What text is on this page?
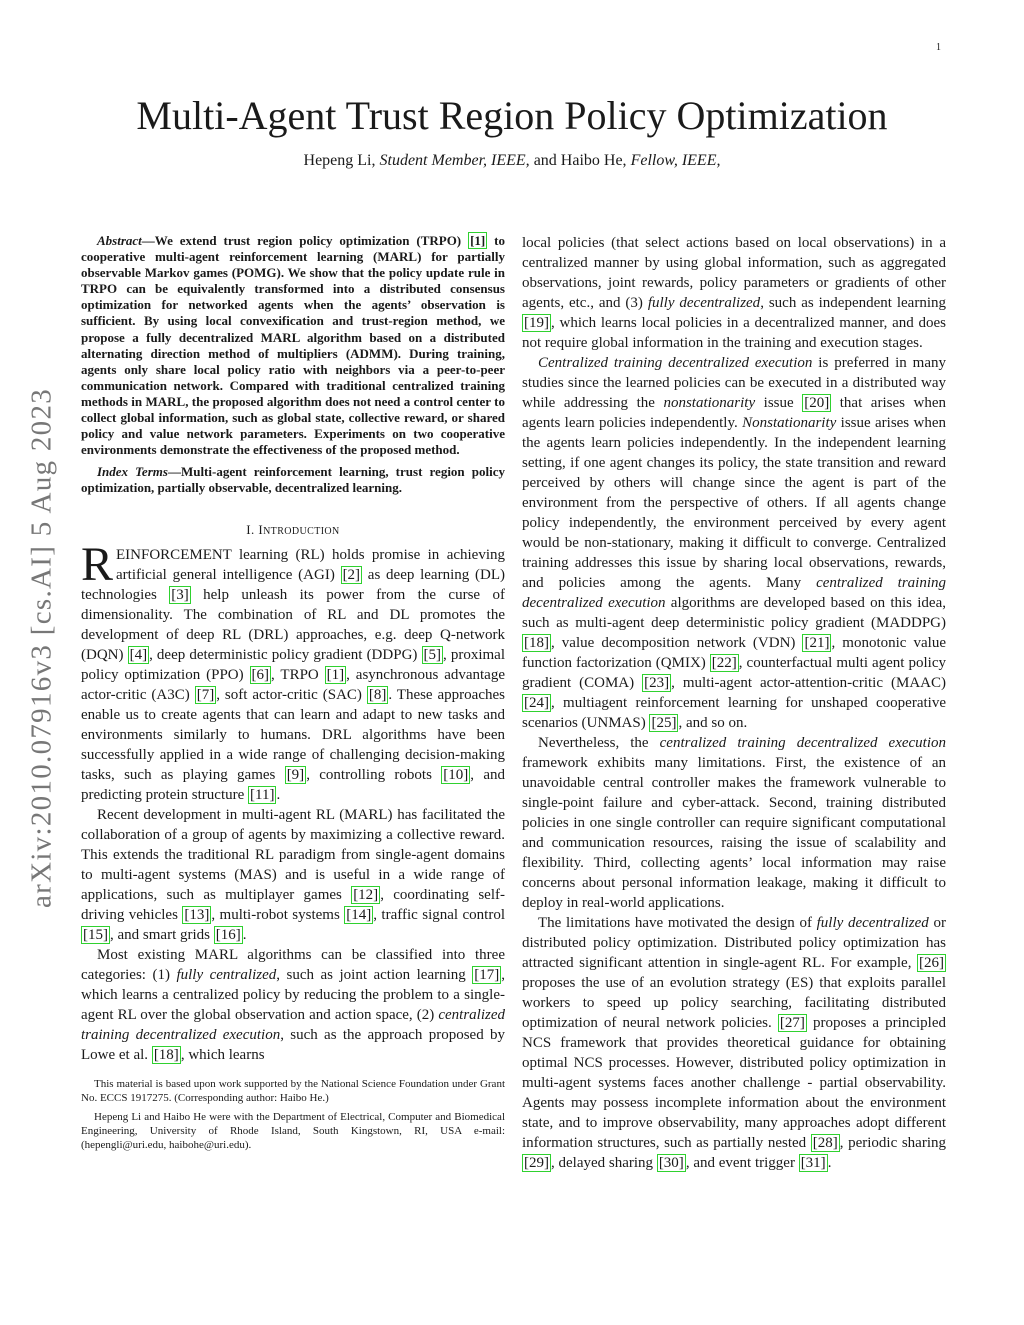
1
arXiv:2010.07916v3 [cs.AI] 5 Aug 2023
Multi-Agent Trust Region Policy Optimization
Hepeng Li, Student Member, IEEE, and Haibo He, Fellow, IEEE,

Abstract—We extend trust region policy optimization (TRPO) [1] to cooperative multi-agent reinforcement learning (MARL) for partially observable Markov games (POMG). We show that the policy update rule in TRPO can be equivalently transformed into a distributed consensus optimization for networked agents when the agents’ observation is sufficient. By using local convexification and trust-region method, we propose a fully decentralized MARL algorithm based on a distributed alternating direction method of multipliers (ADMM). During training, agents only share local policy ratio with neighbors via a peer-to-peer communication network. Compared with traditional centralized training methods in MARL, the proposed algorithm does not need a control center to collect global information, such as global state, collective reward, or shared policy and value network parameters. Experiments on two cooperative environments demonstrate the effectiveness of the proposed method.

Index Terms—Multi-agent reinforcement learning, trust region policy optimization, partially observable, decentralized learning.

I. INTRODUCTION

REINFORCEMENT learning (RL) holds promise in achieving artificial general intelligence (AGI) [2] as deep learning (DL) technologies [3] help unleash its power from the curse of dimensionality. The combination of RL and DL promotes the development of deep RL (DRL) approaches, e.g. deep Q-network (DQN) [4] , deep deterministic policy gradient (DDPG) [5] , proximal policy optimization (PPO) [6] , TRPO [1] , asynchronous advantage actor-critic (A3C) [7] , soft actor-critic (SAC) [8] . These approaches enable us to create agents that can learn and adapt to new tasks and environments similarly to humans. DRL algorithms have been successfully applied in a wide range of challenging decision-making tasks, such as playing games [9] , controlling robots [10] , and predicting protein structure [11] .

Recent development in multi-agent RL (MARL) has facilitated the collaboration of a group of agents by maximizing a collective reward. This extends the traditional RL paradigm from single-agent domains to multi-agent systems (MAS) and is useful in a wide range of applications, such as multiplayer games [12] , coordinating self-driving vehicles [13] , multi-robot systems [14] , traffic signal control [15] , and smart grids [16] .

Most existing MARL algorithms can be classified into three categories: (1) fully centralized, such as joint action learning [17] , which learns a centralized policy by reducing the problem to a single-agent RL over the global observation and action space, (2) centralized training decentralized execution, such as the approach proposed by Lowe et al. [18] , which learns

This material is based upon work supported by the National Science Foundation under Grant No. ECCS 1917275. (Corresponding author: Haibo He.)

Hepeng Li and Haibo He were with the Department of Electrical, Computer and Biomedical Engineering, University of Rhode Island, South Kingstown, RI, USA e-mail: (hepengli@uri.edu, haibohe@uri.edu).

local policies (that select actions based on local observations) in a centralized manner by using global information, such as aggregated observations, joint rewards, policy parameters or gradients of other agents, etc., and (3) fully decentralized, such as independent learning [19] , which learns local policies in a decentralized manner, and does not require global information in the training and execution stages.

Centralized training decentralized execution is preferred in many studies since the learned policies can be executed in a distributed way while addressing the nonstationarity issue [20] that arises when agents learn policies independently. Nonstationarity issue arises when the agents learn policies independently. In the independent learning setting, if one agent changes its policy, the state transition and reward perceived by others will change since the agent is part of the environment from the perspective of others. If all agents change policy independently, the environment perceived by every agent would be non-stationary, making it difficult to converge. Centralized training addresses this issue by sharing local observations, rewards, and policies among the agents. Many centralized training decentralized execution algorithms are developed based on this idea, such as multi-agent deep deterministic policy gradient (MADDPG) [18] , value decomposition network (VDN) [21] , monotonic value function factorization (QMIX) [22] , counterfactual multi agent policy gradient (COMA) [23] , multi-agent actor-attention-critic (MAAC) [24] , multiagent reinforcement learning for unshaped cooperative scenarios (UNMAS) [25] , and so on.

Nevertheless, the centralized training decentralized execution framework exhibits many limitations. First, the existence of an unavoidable central controller makes the framework vulnerable to single-point failure and cyber-attack. Second, training distributed policies in one single controller can require significant computational and communication resources, raising the issue of scalability and flexibility. Third, collecting agents’ local information may raise concerns about personal information leakage, making it difficult to deploy in real-world applications.

The limitations have motivated the design of fully decentralized or distributed policy optimization. Distributed policy optimization has attracted significant attention in single-agent RL. For example, [26] proposes the use of an evolution strategy (ES) that exploits parallel workers to speed up policy searching, facilitating distributed optimization of neural network policies. [27] proposes a principled NCS framework that provides theoretical guidance for obtaining optimal NCS processes. However, distributed policy optimization in multi-agent systems faces another challenge - partial observability. Agents may possess incomplete information about the environment state, and to improve observability, many approaches adopt different information structures, such as partially nested [28] , periodic sharing [29] , delayed sharing [30] , and event trigger [31] .
